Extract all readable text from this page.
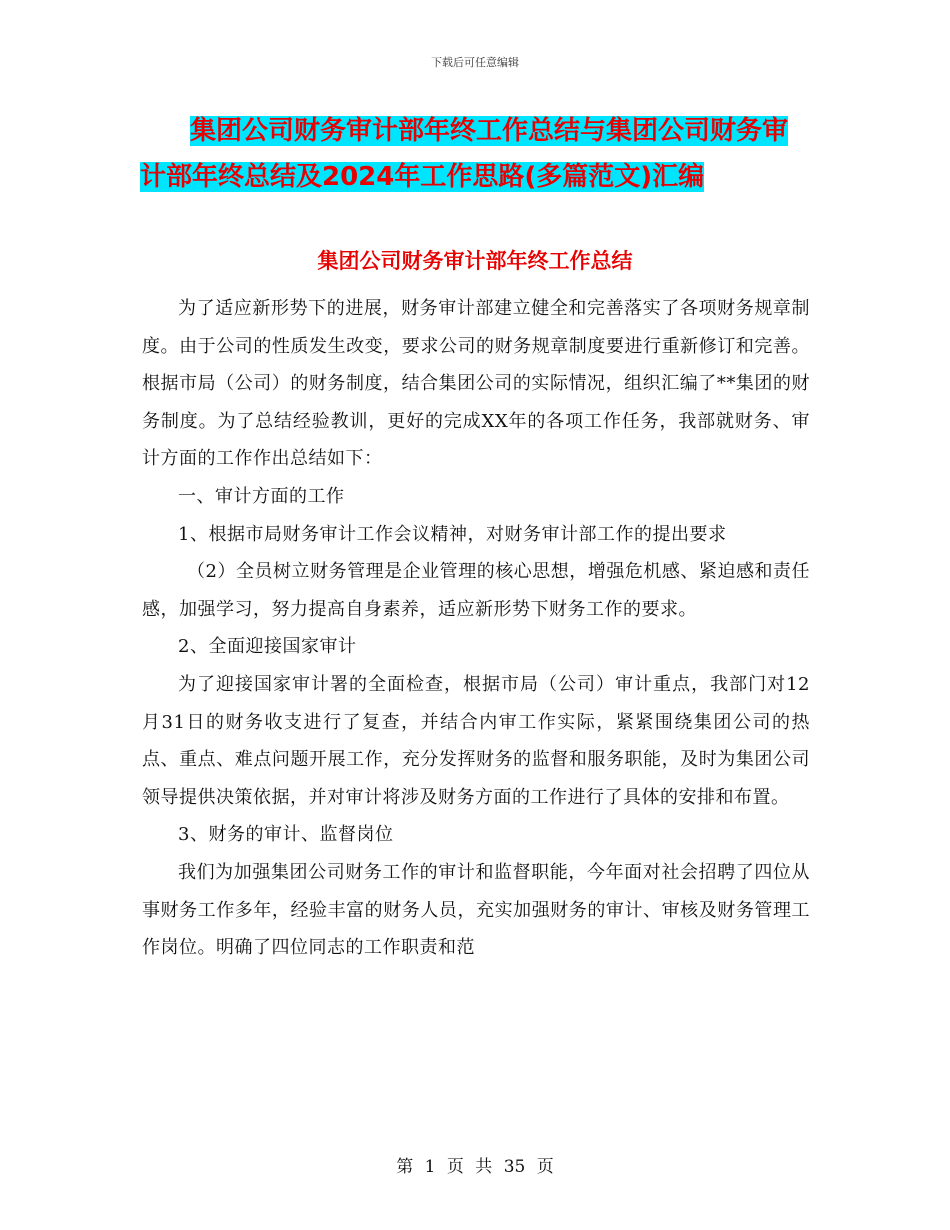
下载后可任意编辑
集团公司财务审计部年终工作总结与集团公司财务审
计部年终总结及2024年工作思路(多篇范文)汇编
集团公司财务审计部年终工作总结

为了适应新形势下的进展，财务审计部建立健全和完善落实了各项财务规章制度。由于公司的性质发生改变，要求公司的财务规章制度要进行重新修订和完善。根据市局（公司）的财务制度，结合集团公司的实际情况，组织汇编了**集团的财务制度。为了总结经验教训，更好的完成XX年的各项工作任务，我部就财务、审计方面的工作作出总结如下：

一、审计方面的工作

1、根据市局财务审计工作会议精神，对财务审计部工作的提出要求

（2）全员树立财务管理是企业管理的核心思想，增强危机感、紧迫感和责任感，加强学习，努力提高自身素养，适应新形势下财务工作的要求。

2、全面迎接国家审计

为了迎接国家审计署的全面检查，根据市局（公司）审计重点，我部门对12月31日的财务收支进行了复查，并结合内审工作实际，紧紧围绕集团公司的热点、重点、难点问题开展工作，充分发挥财务的监督和服务职能，及时为集团公司领导提供决策依据，并对审计将涉及财务方面的工作进行了具体的安排和布置。

3、财务的审计、监督岗位

我们为加强集团公司财务工作的审计和监督职能，今年面对社会招聘了四位从事财务工作多年，经验丰富的财务人员，充实加强财务的审计、审核及财务管理工作岗位。明确了四位同志的工作职责和范

第 1 页 共 35 页
